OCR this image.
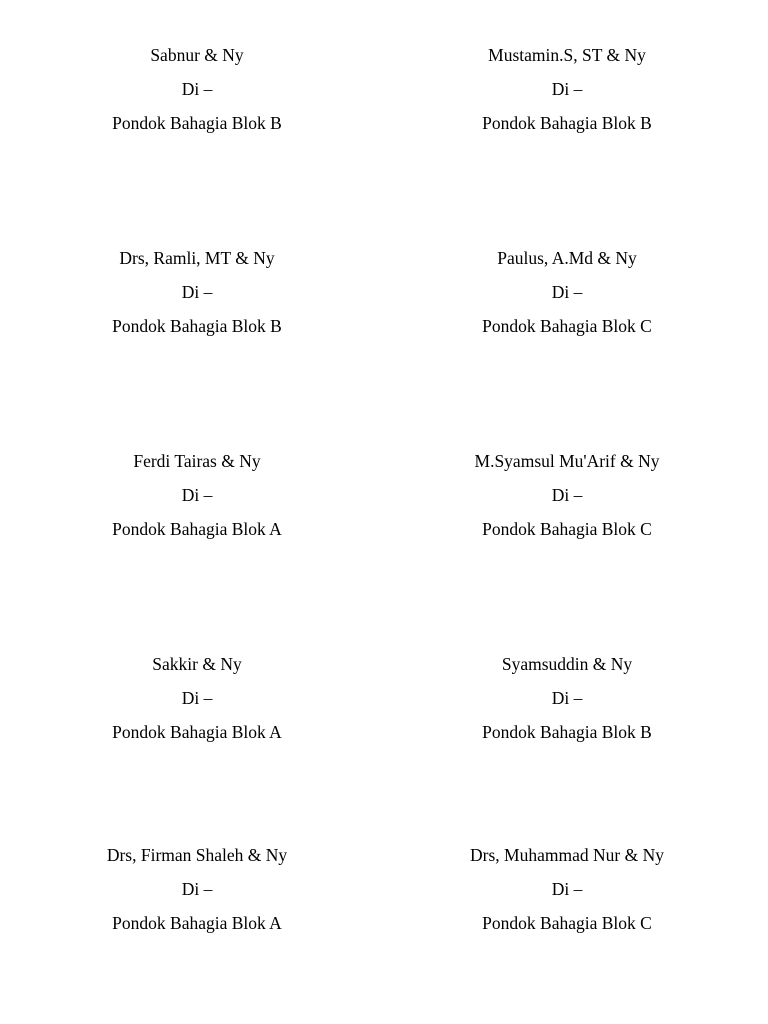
Sabnur & Ny
Di –
Pondok Bahagia Blok B
Mustamin.S, ST & Ny
Di –
Pondok Bahagia Blok B
Drs, Ramli, MT & Ny
Di –
Pondok Bahagia Blok B
Paulus, A.Md & Ny
Di –
Pondok Bahagia Blok C
Ferdi Tairas & Ny
Di –
Pondok Bahagia Blok A
M.Syamsul Mu'Arif & Ny
Di –
Pondok Bahagia Blok C
Sakkir & Ny
Di –
Pondok Bahagia Blok A
Syamsuddin & Ny
Di –
Pondok Bahagia Blok B
Drs, Firman Shaleh & Ny
Di –
Pondok Bahagia Blok A
Drs, Muhammad Nur & Ny
Di –
Pondok Bahagia Blok C
